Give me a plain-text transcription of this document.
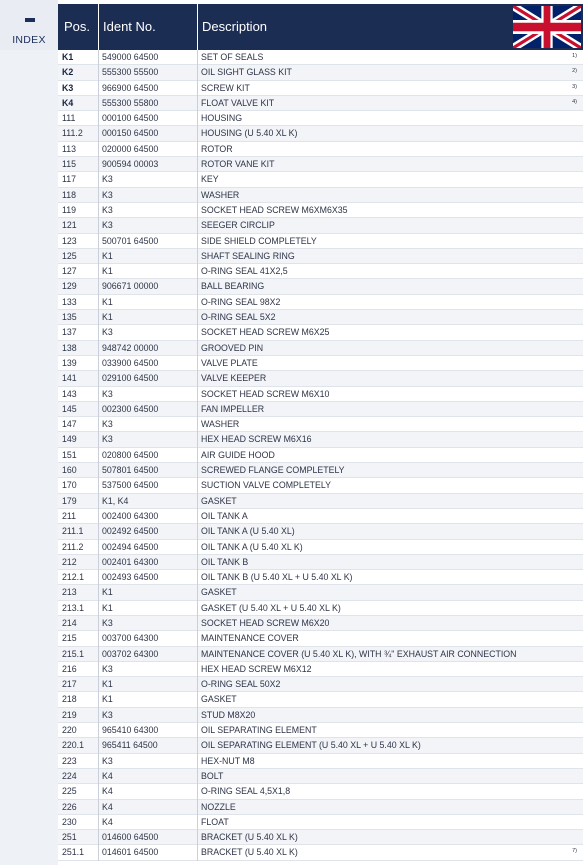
INDEX
Pos. Ident No.	Description
K1	549000 64500	SET OF SEALS	1)
K2	555300 55500	OIL SIGHT GLASS KIT	2)
K3	966900 64500	SCREW KIT	3)
K4	555300 55800	FLOAT VALVE KIT	4)
111	000100 64500	HOUSING
111.2 000150 64500	HOUSING (U 5.40 XL K)
113	020000 64500	ROTOR
115	900594 00003	ROTOR VANE KIT
117	K3	KEY
118	K3	WASHER
119	K3	SOCKET HEAD SCREW M6XM6X35
121	K3	SEEGER CIRCLIP
123	500701 64500	SIDE SHIELD COMPLETELY
125	K1	SHAFT SEALING RING
127	K1	O-RING SEAL 41X2,5
129	906671 00000	BALL BEARING
133	K1	O-RING SEAL 98X2
135	K1	O-RING SEAL 5X2
137	K3	SOCKET HEAD SCREW M6X25
138	948742 00000	GROOVED PIN
139	033900 64500	VALVE PLATE
141	029100 64500	VALVE KEEPER
143	K3	SOCKET HEAD SCREW M6X10
145	002300 64500	FAN IMPELLER
147	K3	WASHER
149	K3	HEX HEAD SCREW M6X16
151	020800 64500	AIR GUIDE HOOD
160	507801 64500	SCREWED FLANGE COMPLETELY
170	537500 64500	SUCTION VALVE COMPLETELY
179	K1, K4	GASKET
211	002400 64300	OIL TANK A
211.1 002492 64500	OIL TANK A (U 5.40 XL)
211.2 002494 64500	OIL TANK A (U 5.40 XL K)
212	002401 64300	OIL TANK B
212.1 002493 64500	OIL TANK B (U 5.40 XL + U 5.40 XL K)
213	K1	GASKET
213.1 K1	GASKET (U 5.40 XL + U 5.40 XL K)
214	K3	SOCKET HEAD SCREW M6X20
215	003700 64300	MAINTENANCE COVER
215.1 003702 64300	MAINTENANCE COVER (U 5.40 XL K), WITH ¾" EXHAUST AIR CONNECTION
216	K3	HEX HEAD SCREW M6X12
217	K1	O-RING SEAL 50X2
218	K1	GASKET
219	K3	STUD M8X20
220	965410 64300	OIL SEPARATING ELEMENT
220.1 965411 64500	OIL SEPARATING ELEMENT (U 5.40 XL + U 5.40 XL K)
223	K3	HEX-NUT M8
224	K4	BOLT
225	K4	O-RING SEAL 4,5X1,8
226	K4	NOZZLE
230	K4	FLOAT
251	014600 64500	BRACKET (U 5.40 XL K)
251.1 014601 64500	BRACKET (U 5.40 XL K)	7)
